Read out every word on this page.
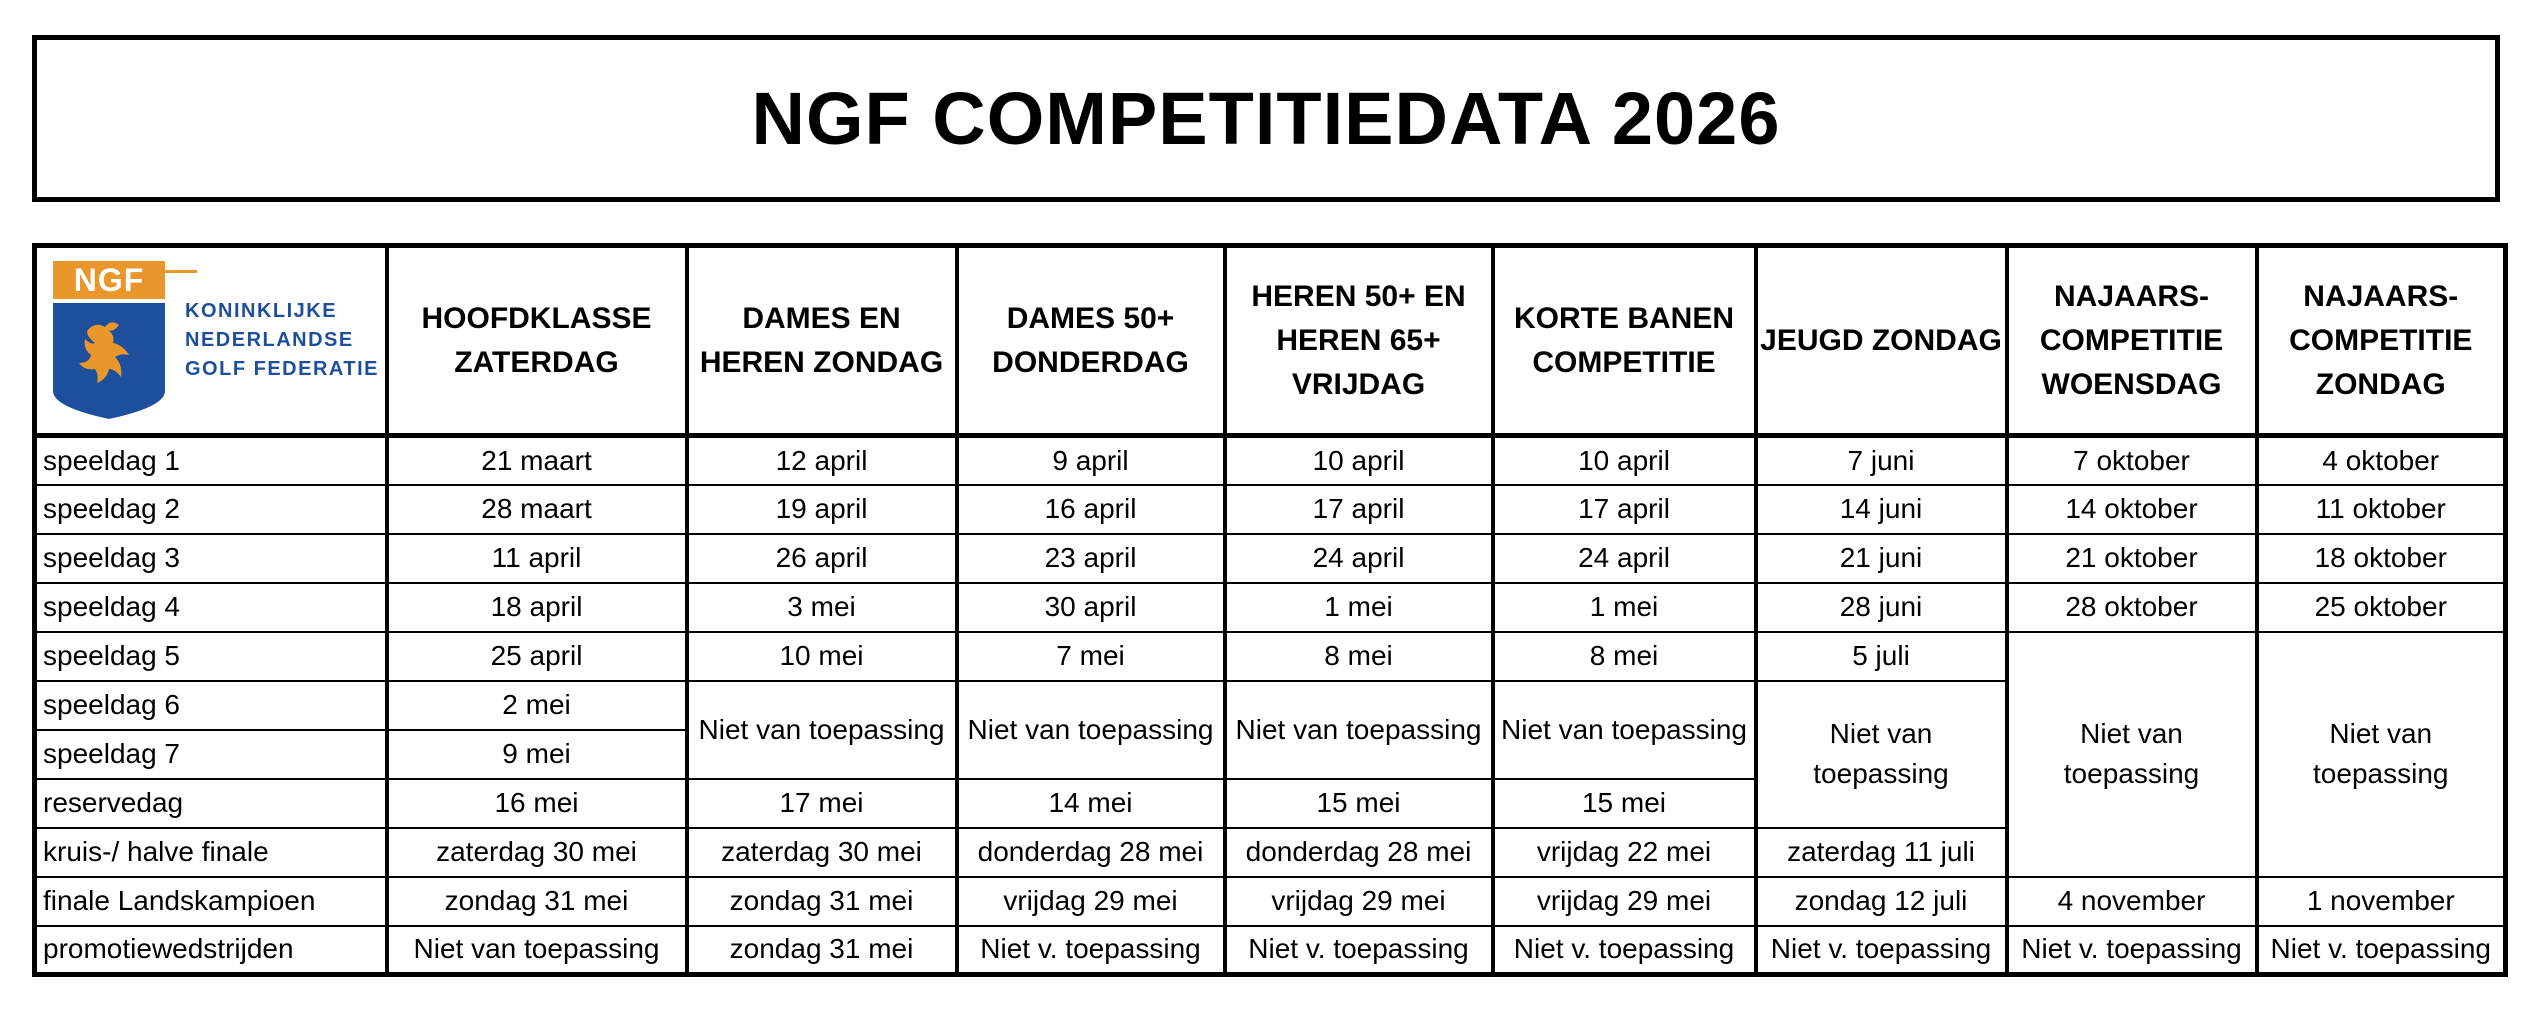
NGF COMPETITIEDATA 2026
NGF
KONINKLIJKE
NEDERLANDSE
GOLF FEDERATIE	HOOFDKLASSE ZATERDAG	DAMES EN HEREN ZONDAG	DAMES 50+ DONDERDAG	HEREN 50+ EN HEREN 65+ VRIJDAG	KORTE BANEN COMPETITIE	JEUGD ZONDAG	NAJAARS-COMPETITIE WOENSDAG	NAJAARS-COMPETITIE ZONDAG
speeldag 1	21 maart	12 april	9 april	10 april	10 april	7 juni	7 oktober	4 oktober
speeldag 2	28 maart	19 april	16 april	17 april	17 april	14 juni	14 oktober	11 oktober
speeldag 3	11 april	26 april	23 april	24 april	24 april	21 juni	21 oktober	18 oktober
speeldag 4	18 april	3 mei	30 april	1 mei	1 mei	28 juni	28 oktober	25 oktober
speeldag 5	25 april	10 mei	7 mei	8 mei	8 mei	5 juli	Niet van toepassing	Niet van toepassing
speeldag 6	2 mei	Niet van toepassing	Niet van toepassing	Niet van toepassing	Niet van toepassing	Niet van toepassing		
speeldag 7	9 mei							
reservedag	16 mei	17 mei	14 mei	15 mei	15 mei			
kruis-/ halve finale	zaterdag 30 mei	zaterdag 30 mei	donderdag 28 mei	donderdag 28 mei	vrijdag 22 mei	zaterdag 11 juli		
finale Landskampioen	zondag 31 mei	zondag 31 mei	vrijdag 29 mei	vrijdag 29 mei	vrijdag 29 mei	zondag 12 juli	4 november	1 november
promotiewedstrijden	Niet van toepassing	zondag 31 mei	Niet v. toepassing	Niet v. toepassing	Niet v. toepassing	Niet v. toepassing	Niet v. toepassing	Niet v. toepassing
